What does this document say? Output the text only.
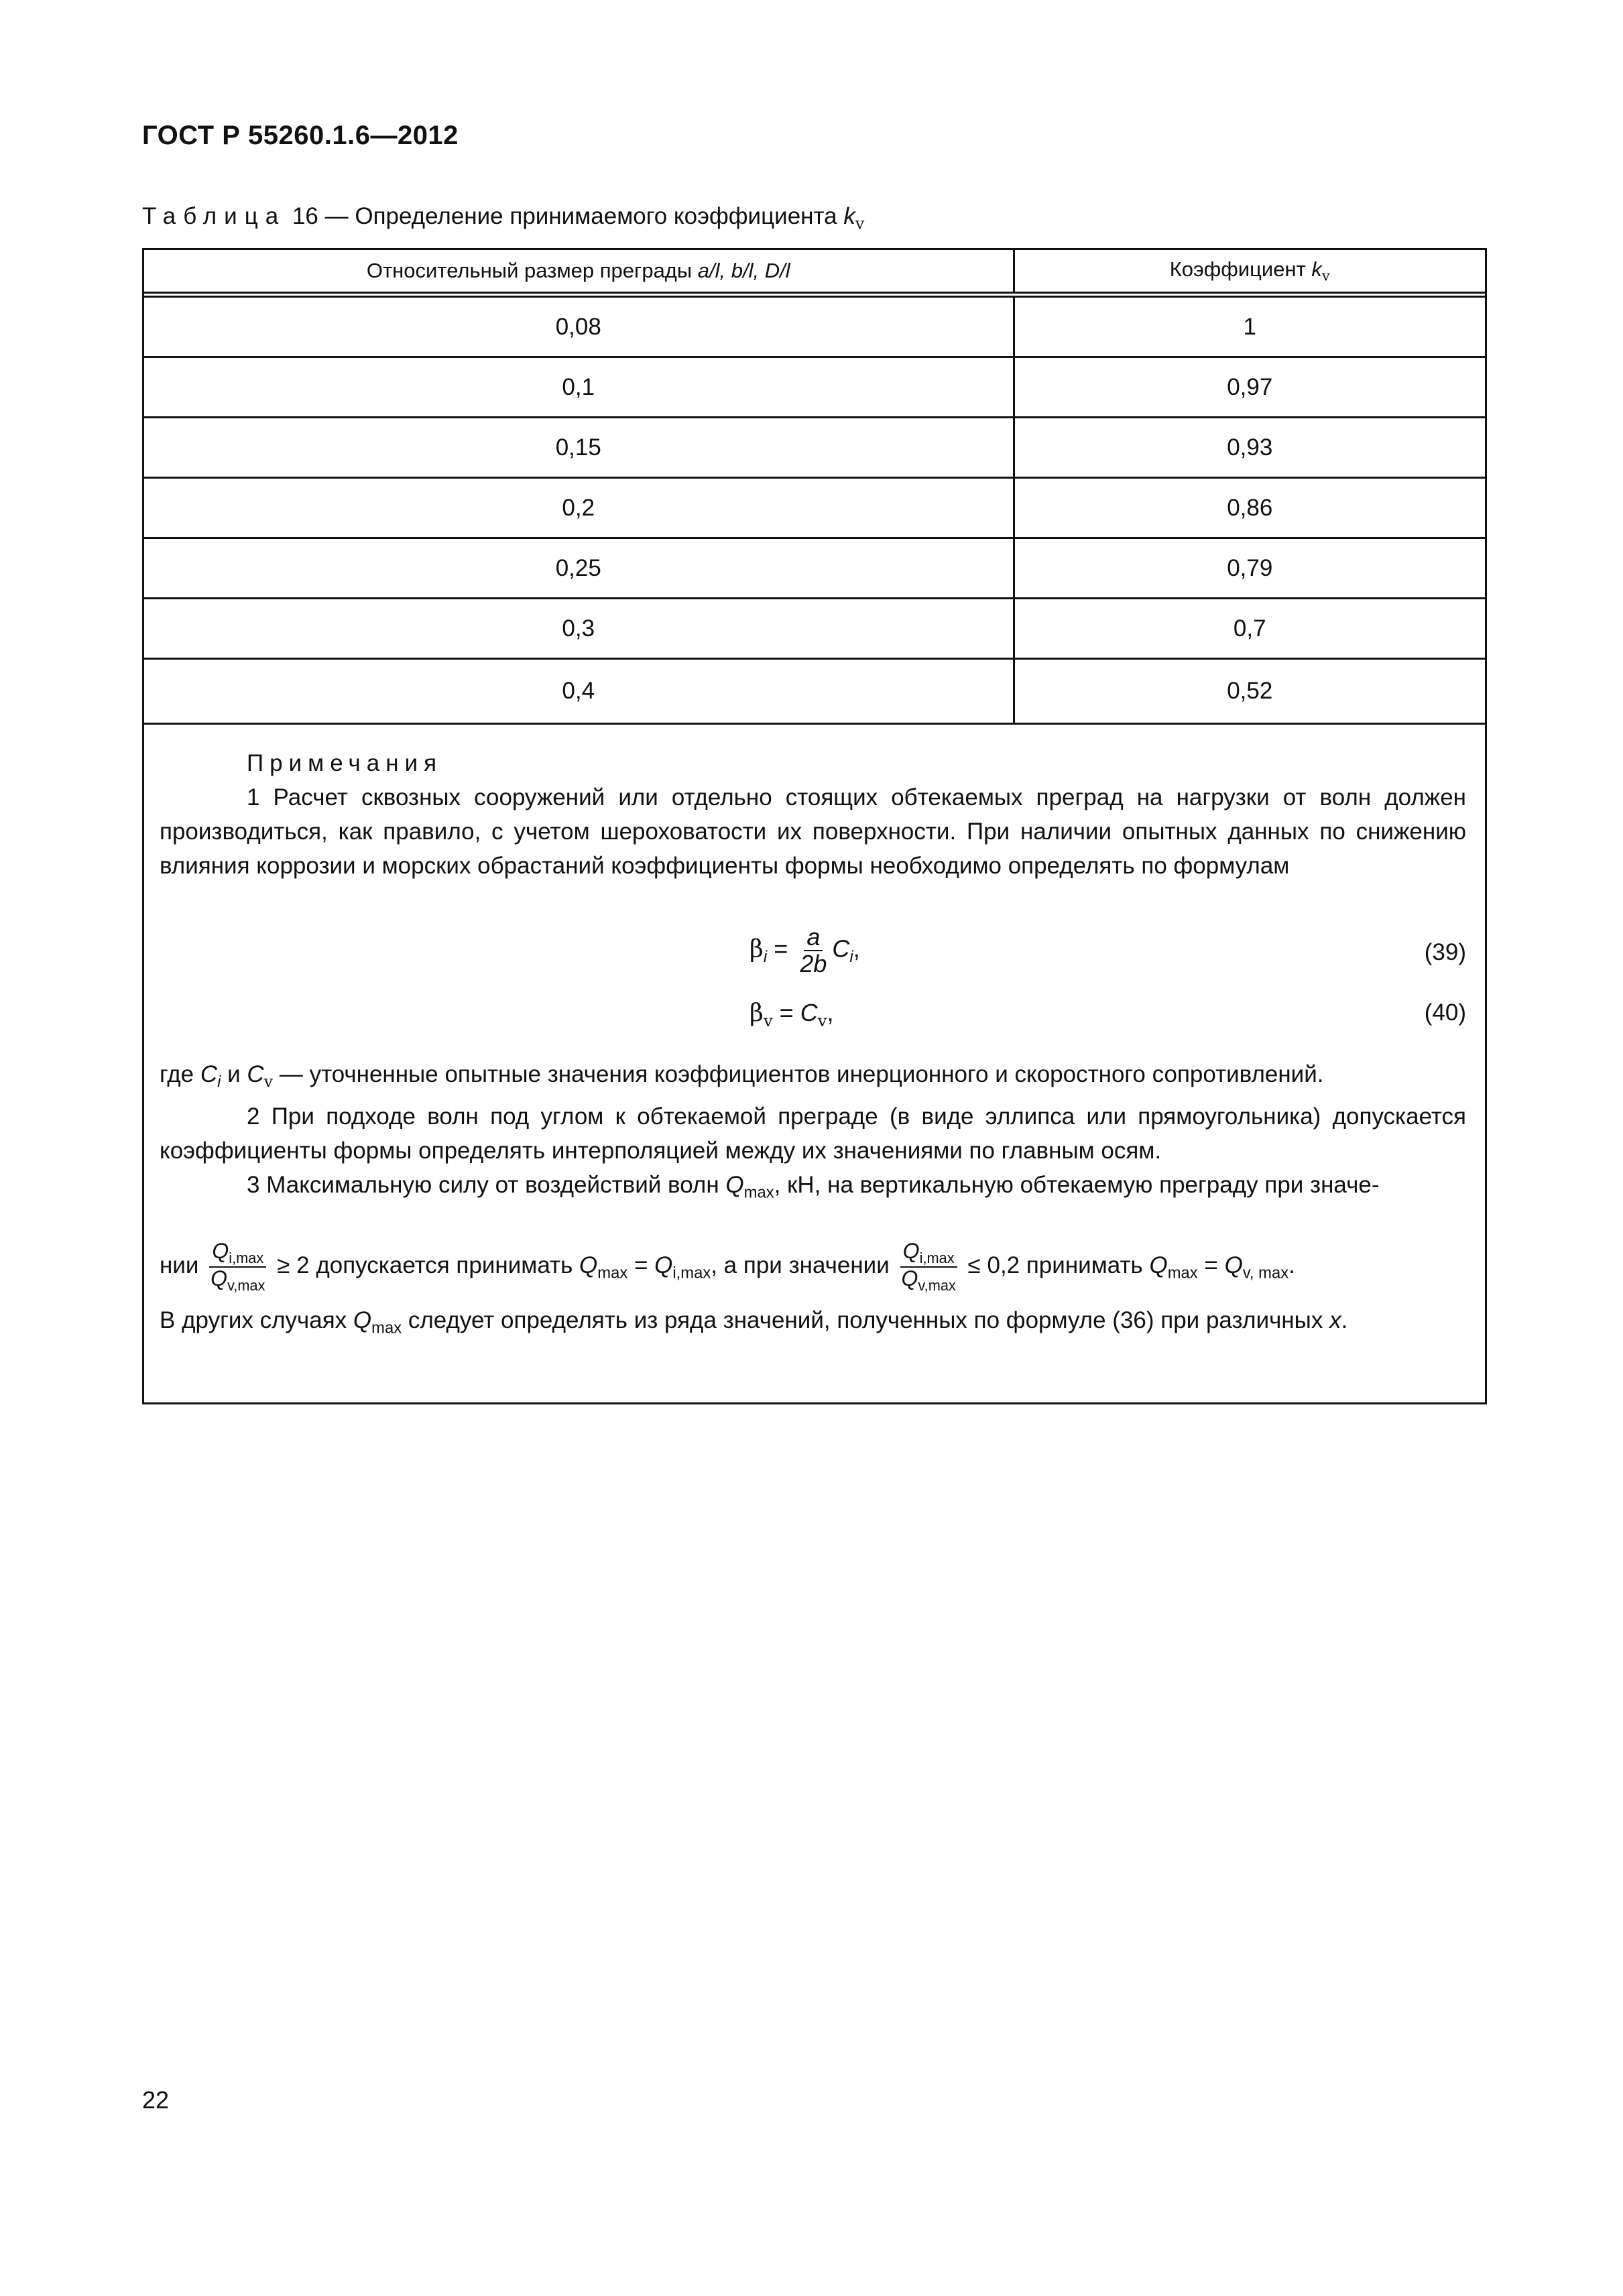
ГОСТ Р 55260.1.6—2012
Таблица 16 — Определение принимаемого коэффициента $k_v$
Относительный размер преграды a/l, b/l, D/l	Коэффициент $k_v$
0,08	1
0,1	0,97
0,15	0,93
0,2	0,86
0,25	0,79
0,3	0,7
0,4	0,52

Примечания

1 Расчет сквозных сооружений или отдельно стоящих обтекаемых преград на нагрузки от волн должен производиться, как правило, с учетом шероховатости их поверхности. При наличии опытных данных по снижению влияния коррозии и морских обрастаний коэффициенты формы необходимо определять по формулам

$\beta_i = \frac{a}{2b} C_i$,	(39)
$\beta_v = C_v$,	(40)

где $C_i$ и $C_v$ — уточненные опытные значения коэффициентов инерционного и скоростного сопротивлений.

2 При подходе волн под углом к обтекаемой преграде (в виде эллипса или прямоугольника) допускается коэффициенты формы определять интерполяцией между их значениями по главным осям.

3 Максимальную силу от воздействий волн $Q_{max}$, кН, на вертикальную обтекаемую преграду при значе-

нии $\frac{Q_{i,max}}{Q_{v,max}} \ge 2$ допускается принимать $Q_{max} = Q_{i,max}$, а при значении $\frac{Q_{i,max}}{Q_{v,max}} \le 0,2$ принимать $Q_{max} = Q_{v, max}$.

В других случаях $Q_{max}$ следует определять из ряда значений, полученных по формуле (36) при различных x.

22
